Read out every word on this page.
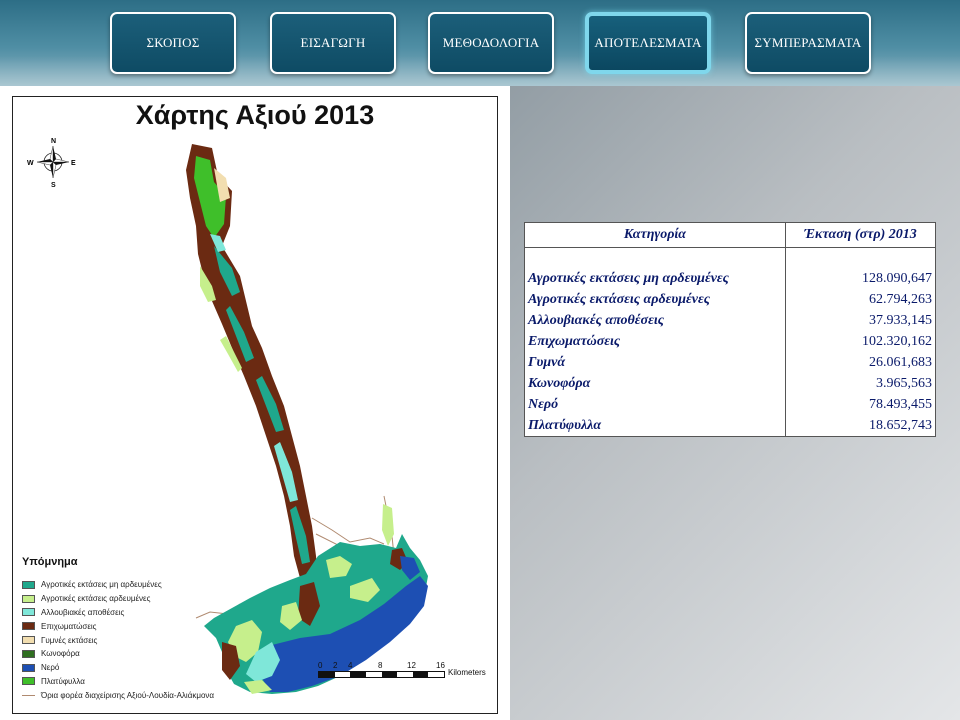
ΣΚΟΠΟΣ	ΕΙΣΑΓΩΓΗ	ΜΕΘΟΔΟΛΟΓΙΑ	ΑΠΟΤΕΛΕΣΜΑΤΑ	ΣΥΜΠΕΡΑΣΜΑΤΑ
Χάρτης Αξιού 2013
N
S
E
W
Υπόμνημα
Αγροτικές εκτάσεις μη αρδευμένες
Αγροτικές εκτάσεις αρδευμένες
Αλλουβιακές αποθέσεις
Επιχωματώσεις
Γυμνές εκτάσεις
Κωνοφόρα
Νερό
Πλατύφυλλα
Όρια φορέα διαχείρισης Αξιού-Λουδία-Αλιάκμονα
0 2 4	8	12	16
Kilometers
Κατηγορία	Έκταση (στρ) 2013

Αγροτικές εκτάσεις μη αρδευμένες	128.090,647
Αγροτικές εκτάσεις αρδευμένες	62.794,263
Αλλουβιακές αποθέσεις	37.933,145
Επιχωματώσεις	102.320,162
Γυμνά	26.061,683
Κωνοφόρα	3.965,563
Νερό	78.493,455
Πλατύφυλλα	18.652,743
